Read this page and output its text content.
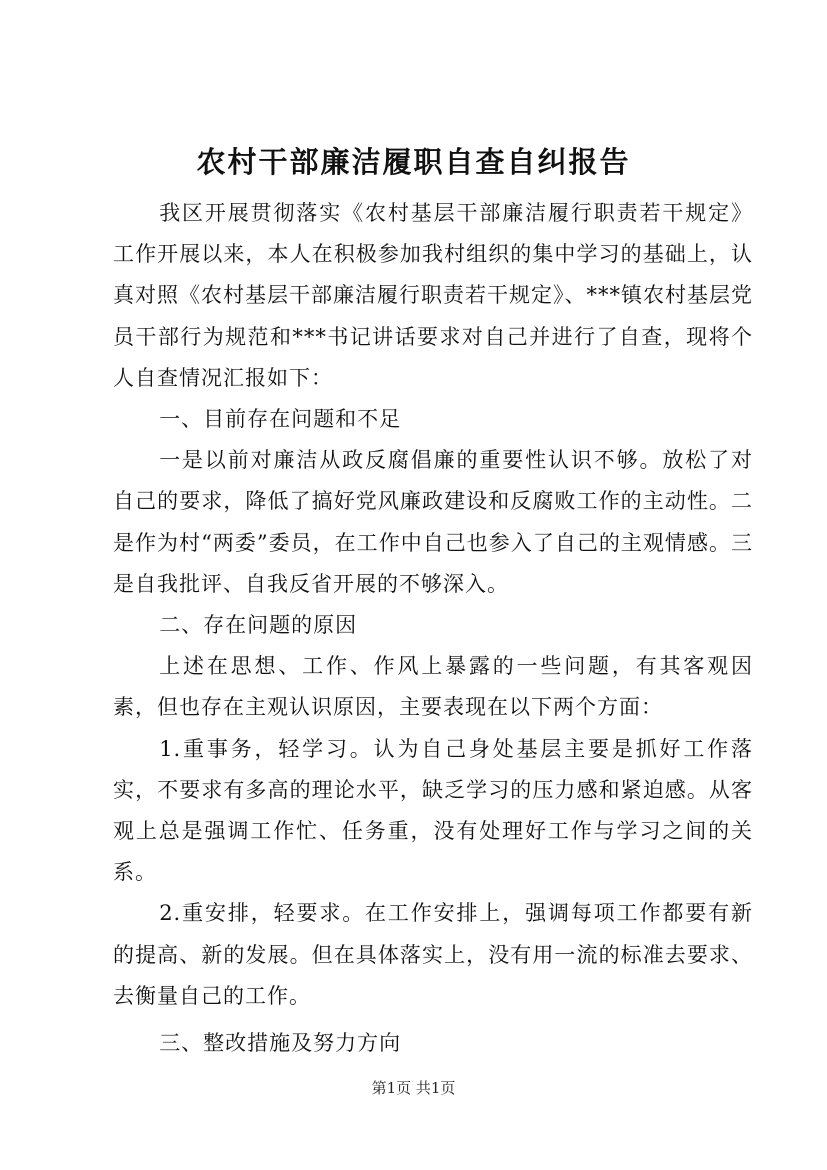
农村干部廉洁履职自查自纠报告

我区开展贯彻落实《农村基层干部廉洁履行职责若干规定》工作开展以来，本人在积极参加我村组织的集中学习的基础上，认真对照《农村基层干部廉洁履行职责若干规定》、***镇农村基层党员干部行为规范和***书记讲话要求对自己并进行了自查，现将个人自查情况汇报如下：

一、目前存在问题和不足

一是以前对廉洁从政反腐倡廉的重要性认识不够。放松了对自己的要求，降低了搞好党风廉政建设和反腐败工作的主动性。二是作为村“两委”委员，在工作中自己也参入了自己的主观情感。三是自我批评、自我反省开展的不够深入。

二、存在问题的原因

上述在思想、工作、作风上暴露的一些问题，有其客观因素，但也存在主观认识原因，主要表现在以下两个方面：

1.重事务，轻学习。认为自己身处基层主要是抓好工作落实，不要求有多高的理论水平，缺乏学习的压力感和紧迫感。从客观上总是强调工作忙、任务重，没有处理好工作与学习之间的关系。

2.重安排，轻要求。在工作安排上，强调每项工作都要有新的提高、新的发展。但在具体落实上，没有用一流的标准去要求、去衡量自己的工作。

三、整改措施及努力方向

第1页 共1页
